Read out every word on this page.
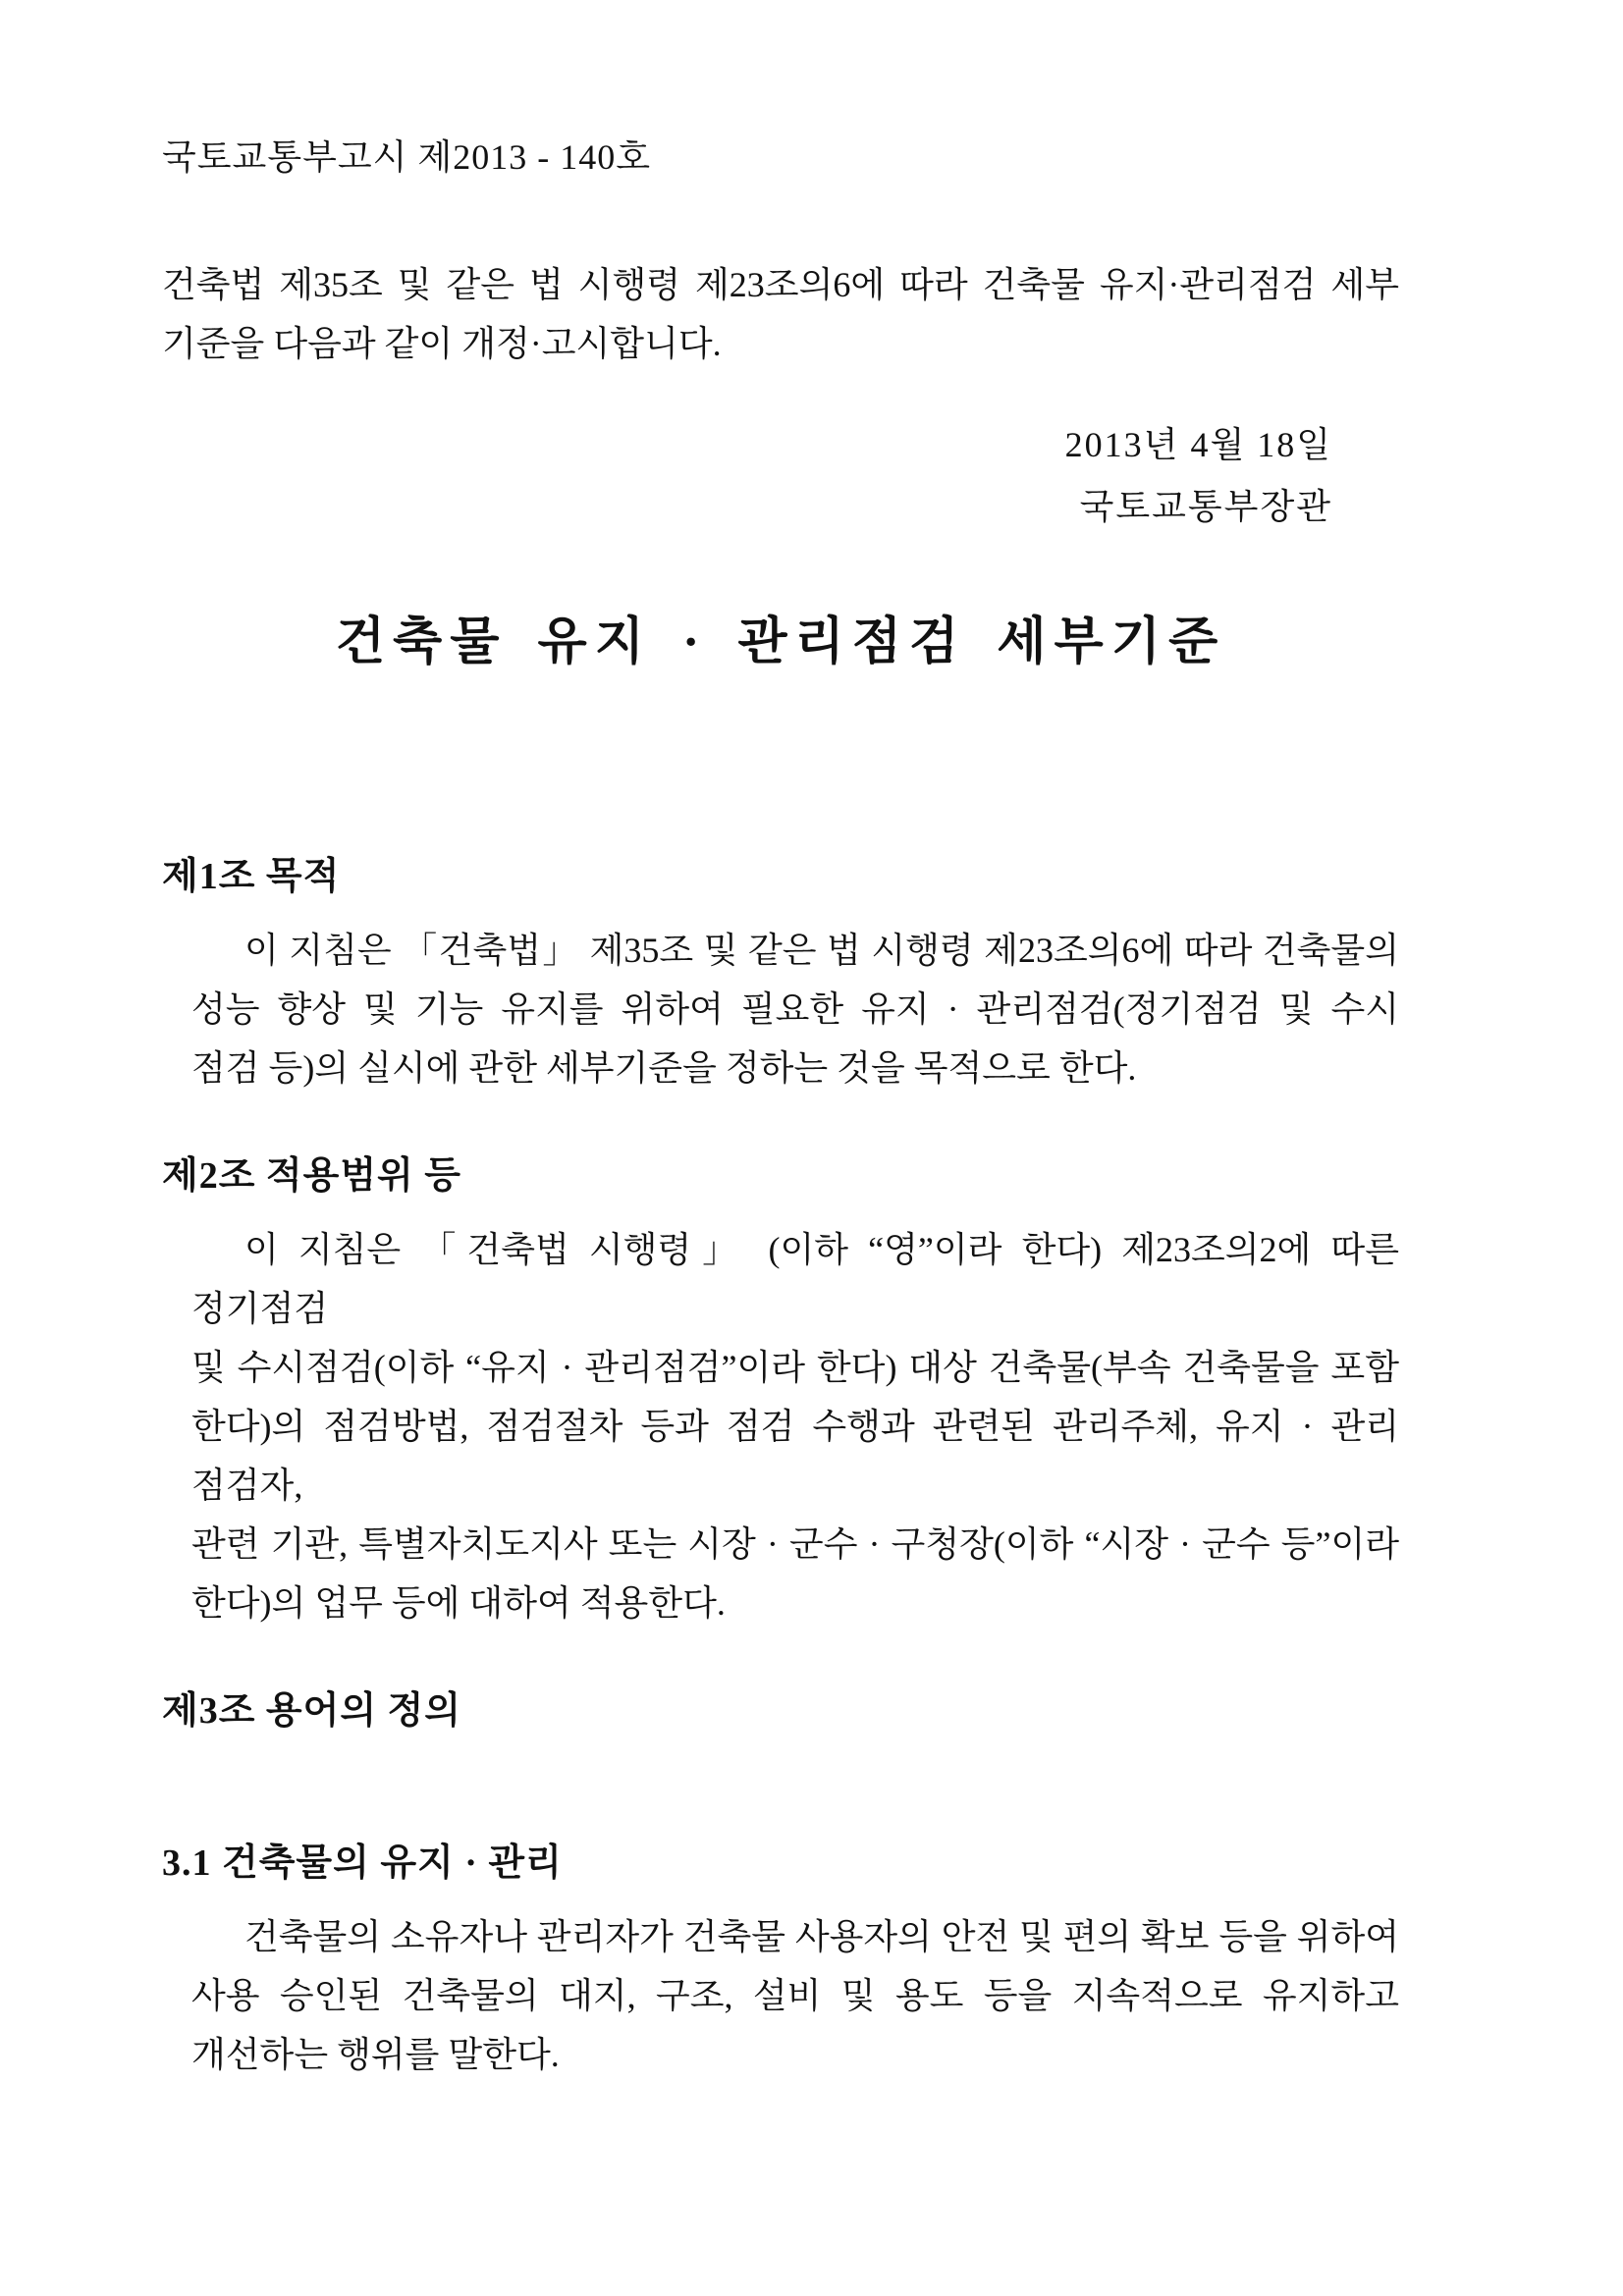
국토교통부고시 제2013 - 140호
건축법 제35조 및 같은 법 시행령 제23조의6에 따라 건축물 유지·관리점검 세부
기준을 다음과 같이 개정·고시합니다.
2013년 4월 18일
국토교통부장관
건축물 유지 · 관리점검 세부기준
제1조 목적
이 지침은 「건축법」 제35조 및 같은 법 시행령 제23조의6에 따라 건축물의
성능 향상 및 기능 유지를 위하여 필요한 유지 · 관리점검(정기점검 및 수시
점검 등)의 실시에 관한 세부기준을 정하는 것을 목적으로 한다.
제2조 적용범위 등
이 지침은 「건축법 시행령」 (이하 “영”이라 한다) 제23조의2에 따른 정기점검
및 수시점검(이하 “유지 · 관리점검”이라 한다) 대상 건축물(부속 건축물을 포함
한다)의 점검방법, 점검절차 등과 점검 수행과 관련된 관리주체, 유지 · 관리 점검자,
관련 기관, 특별자치도지사 또는 시장 · 군수 · 구청장(이하 “시장 · 군수 등”이라
한다)의 업무 등에 대하여 적용한다.
제3조 용어의 정의
3.1 건축물의 유지 · 관리
건축물의 소유자나 관리자가 건축물 사용자의 안전 및 편의 확보 등을 위하여
사용 승인된 건축물의 대지, 구조, 설비 및 용도 등을 지속적으로 유지하고
개선하는 행위를 말한다.
